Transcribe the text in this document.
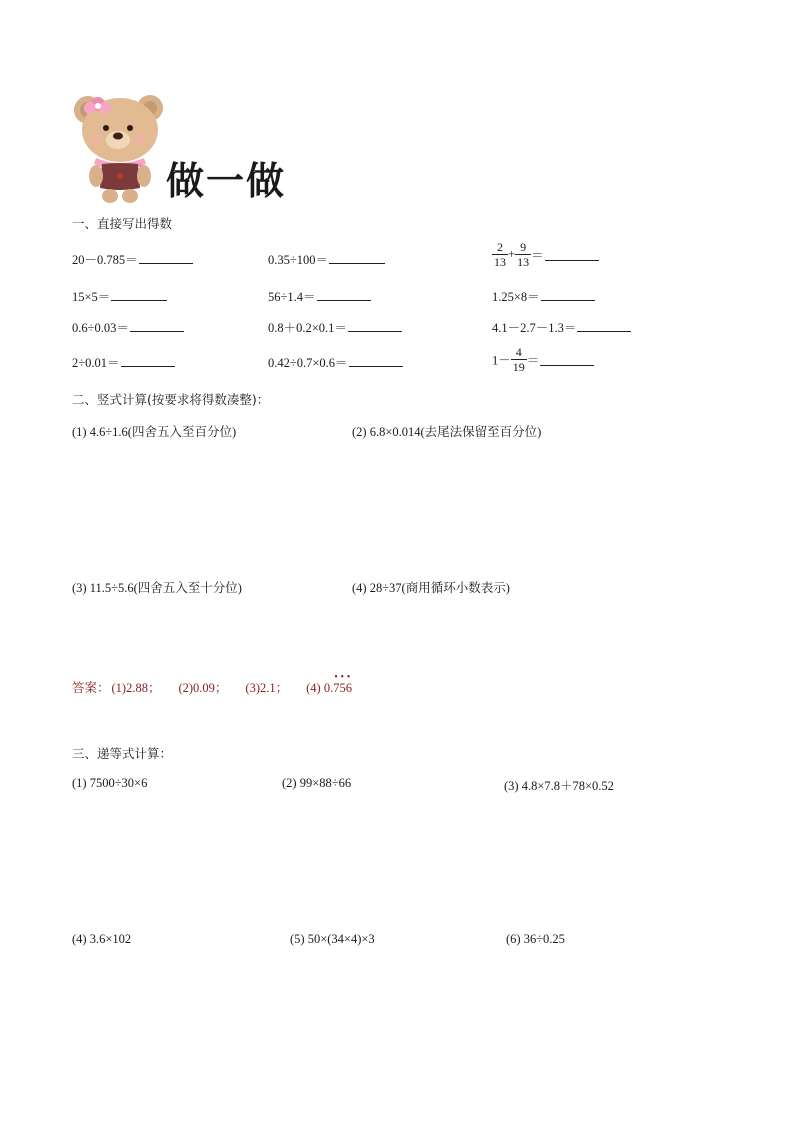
做一做
一、直接写出得数
20－0.785＝	0.35÷100＝	$\frac{2}{13} + \frac{9}{13}$ ＝
15×5＝	56÷1.4＝	1.25×8＝
0.6÷0.03＝	0.8＋0.2×0.1＝	4.1－2.7－1.3＝
2÷0.01＝	0.42÷0.7×0.6＝	$1- \frac{4}{19}$ ＝
二、竖式计算(按要求将得数凑整)：
(1) 4.6÷1.6(四舍五入至百分位)	(2) 6.8×0.014(去尾法保留至百分位)
(3) 11.5÷5.6(四舍五入至十分位)	(4) 28÷37(商用循环小数表示)
答案： (1)2.88； (2)0.09； (3)2.1； (4) 0.
•
7
•
5
•
6
三、递等式计算：
(1) 7500÷30×6	(2) 99×88÷66	(3) 4.8×7.8＋78×0.52
(4) 3.6×102	(5) 50×(34×4)×3	(6) 36÷0.25
